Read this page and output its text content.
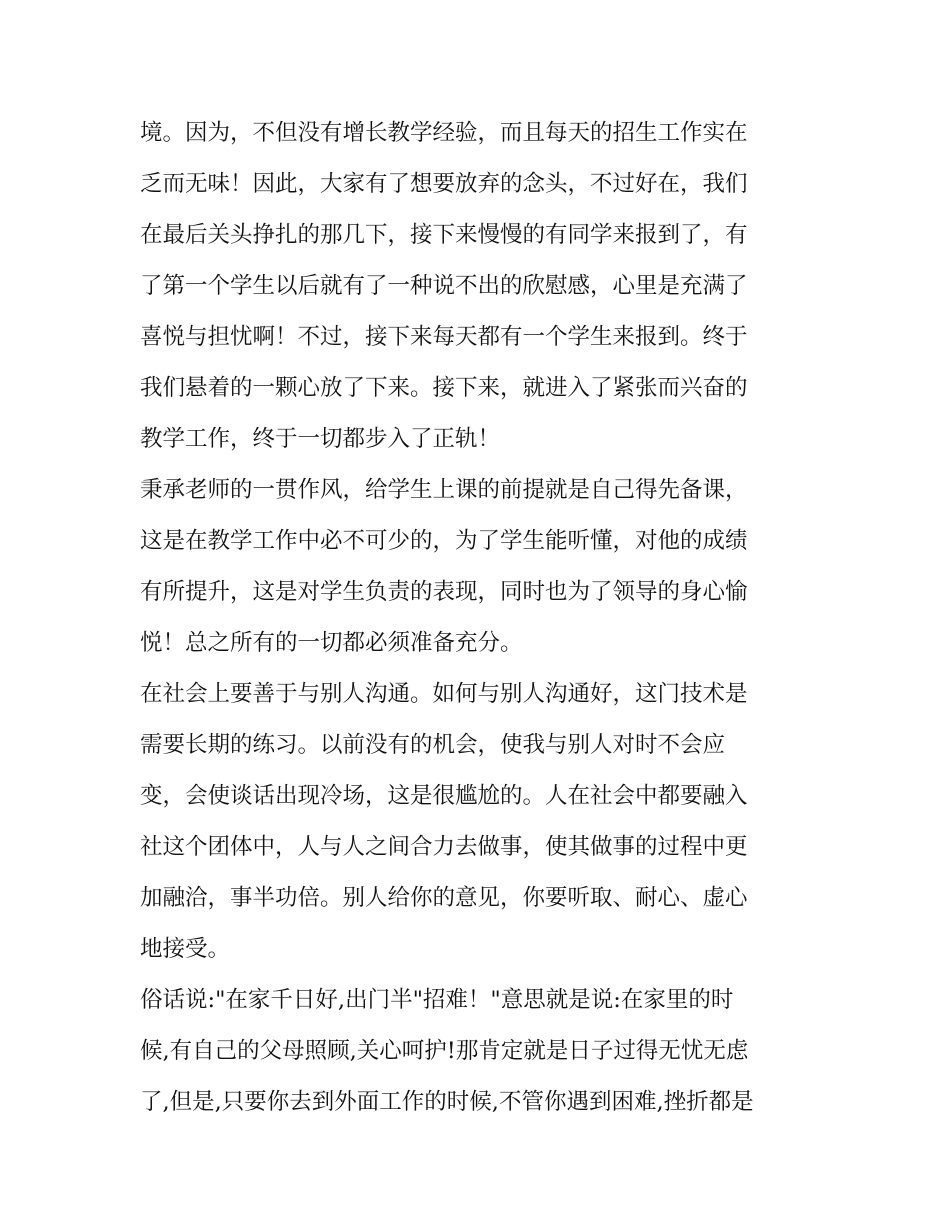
境。因为，不但没有增长教学经验，而且每天的招生工作实在
乏而无味！因此，大家有了想要放弃的念头，不过好在，我们
在最后关头挣扎的那几下，接下来慢慢的有同学来报到了，有
了第一个学生以后就有了一种说不出的欣慰感，心里是充满了
喜悦与担忧啊！不过，接下来每天都有一个学生来报到。终于
我们悬着的一颗心放了下来。接下来，就进入了紧张而兴奋的
教学工作，终于一切都步入了正轨！
秉承老师的一贯作风，给学生上课的前提就是自己得先备课，
这是在教学工作中必不可少的，为了学生能听懂，对他的成绩
有所提升，这是对学生负责的表现，同时也为了领导的身心愉
悦！总之所有的一切都必须准备充分。
在社会上要善于与别人沟通。如何与别人沟通好，这门技术是
需要长期的练习。以前没有的机会，使我与别人对时不会应
变，会使谈话出现冷场，这是很尴尬的。人在社会中都要融入
社这个团体中，人与人之间合力去做事，使其做事的过程中更
加融洽，事半功倍。别人给你的意见，你要听取、耐心、虚心
地接受。
俗话说:"在家千日好,出门半"招难！"意思就是说:在家里的时
候,有自己的父母照顾,关心呵护!那肯定就是日子过得无忧无虑
了,但是,只要你去到外面工作的时候,不管你遇到困难,挫折都是
